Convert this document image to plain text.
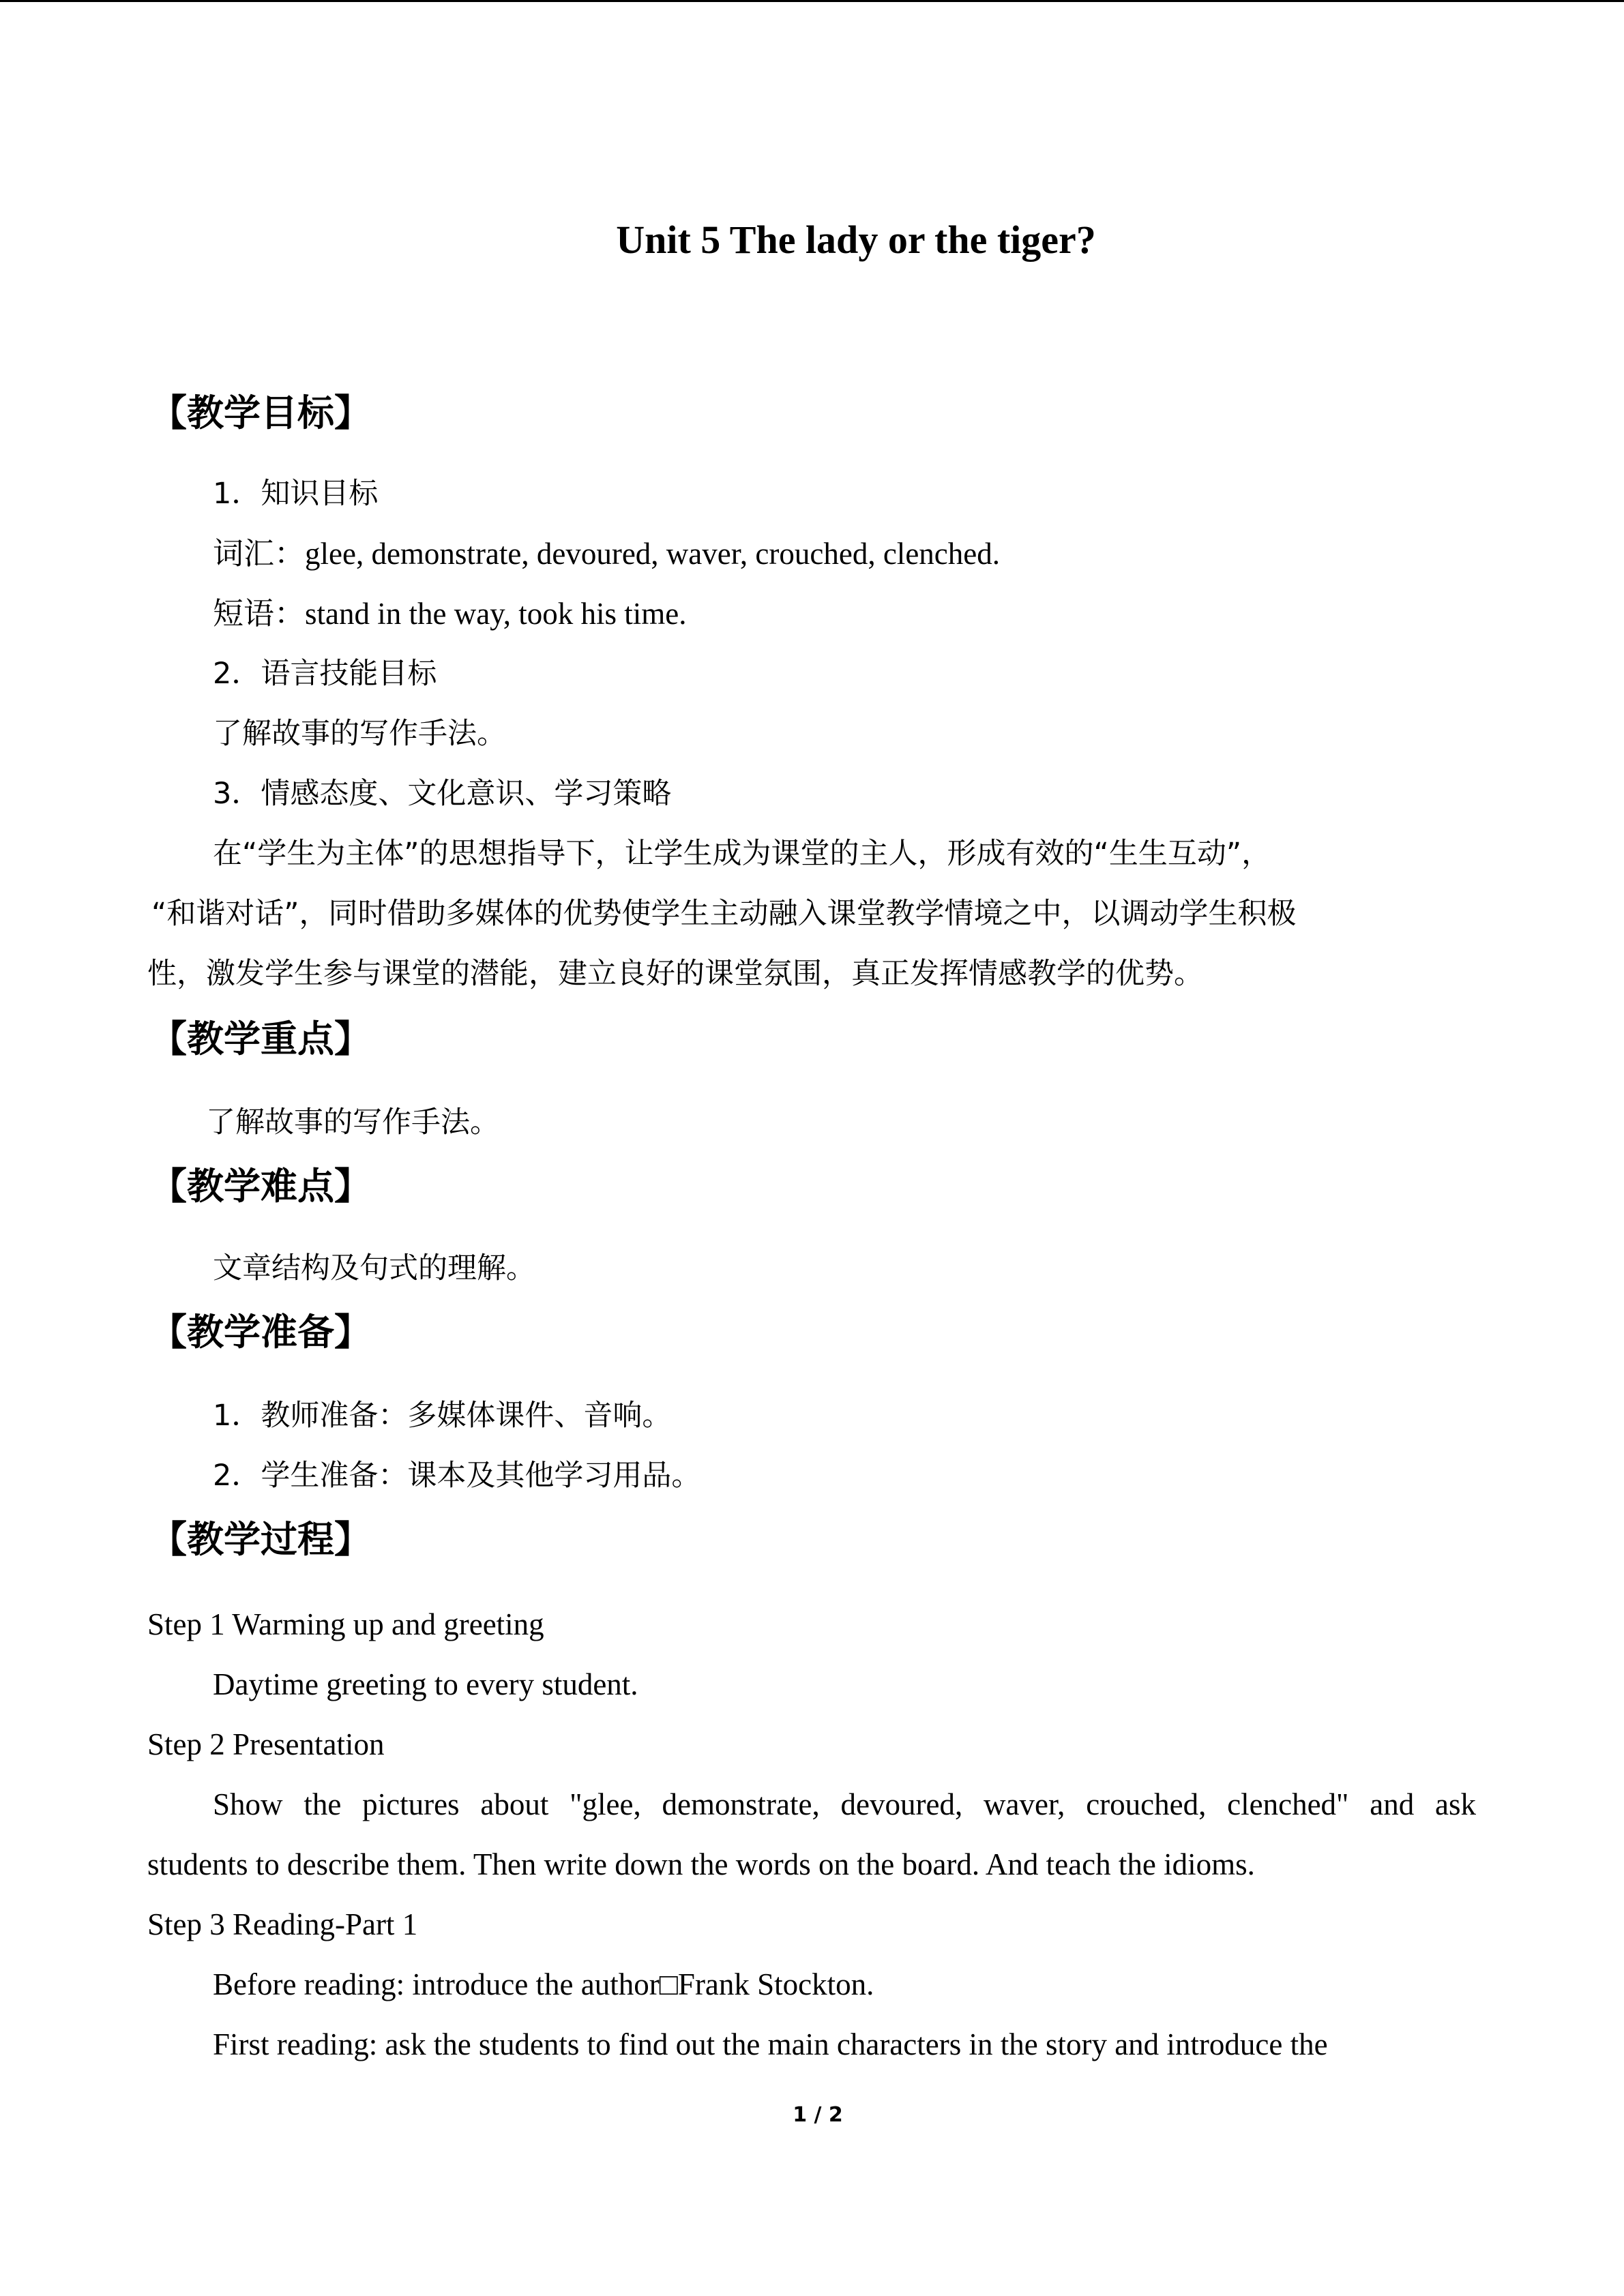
Unit 5 The lady or the tiger?
【教学目标】
1．知识目标
词汇：glee, demonstrate, devoured, waver, crouched, clenched.
短语：stand in the way, took his time.
2．语言技能目标
了解故事的写作手法。
3．情感态度、文化意识、学习策略
在“学生为主体”的思想指导下，让学生成为课堂的主人，形成有效的“生生互动”，
“和谐对话”，同时借助多媒体的优势使学生主动融入课堂教学情境之中，以调动学生积极
性，激发学生参与课堂的潜能，建立良好的课堂氛围，真正发挥情感教学的优势。
【教学重点】
了解故事的写作手法。
【教学难点】
文章结构及句式的理解。
【教学准备】
1．教师准备：多媒体课件、音响。
2．学生准备：课本及其他学习用品。
【教学过程】
Step 1 Warming up and greeting
Daytime greeting to every student.
Step 2 Presentation
Show the pictures about "glee, demonstrate, devoured, waver, crouched, clenched" and ask
students to describe them. Then write down the words on the board. And teach the idioms.
Step 3 Reading-Part 1
Before reading: introduce the author□Frank Stockton.
First reading: ask the students to find out the main characters in the story and introduce the
1 / 2
